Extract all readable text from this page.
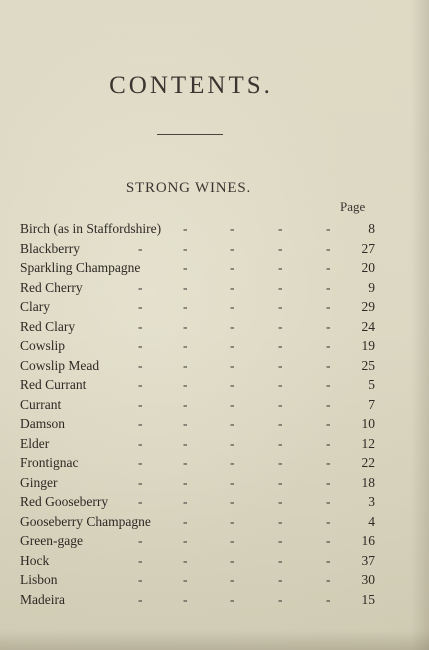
CONTENTS.
STRONG WINES.
Page
Birch (as in Staffordshire) -	-	-	-	8
Blackberry	-	-	-	-	- 27
Sparkling Champagne	-	-	-	- 20
Red Cherry	-	-	-	-	-	9
Clary	-	-	-	-	- 29
Red Clary	-	-	-	-	- 24
Cowslip	-	-	-	-	- 19
Cowslip Mead	-	-	-	-	- 25
Red Currant	-	-	-	-	-	5
Currant	-	-	-	-	-	7
Damson	-	-	-	-	- 10
Elder	-	-	-	-	- 12
Frontignac	-	-	-	-	- 22
Ginger	-	-	-	-	- 18
Red Gooseberry -	-	-	-	-	3
Gooseberry Champagne -	-	-	-	4
Green-gage	-	-	-	-	- 16
Hock	-	-	-	-	- 37
Lisbon	-	-	-	-	- 30
Madeira	-	-	-	-	- 15
